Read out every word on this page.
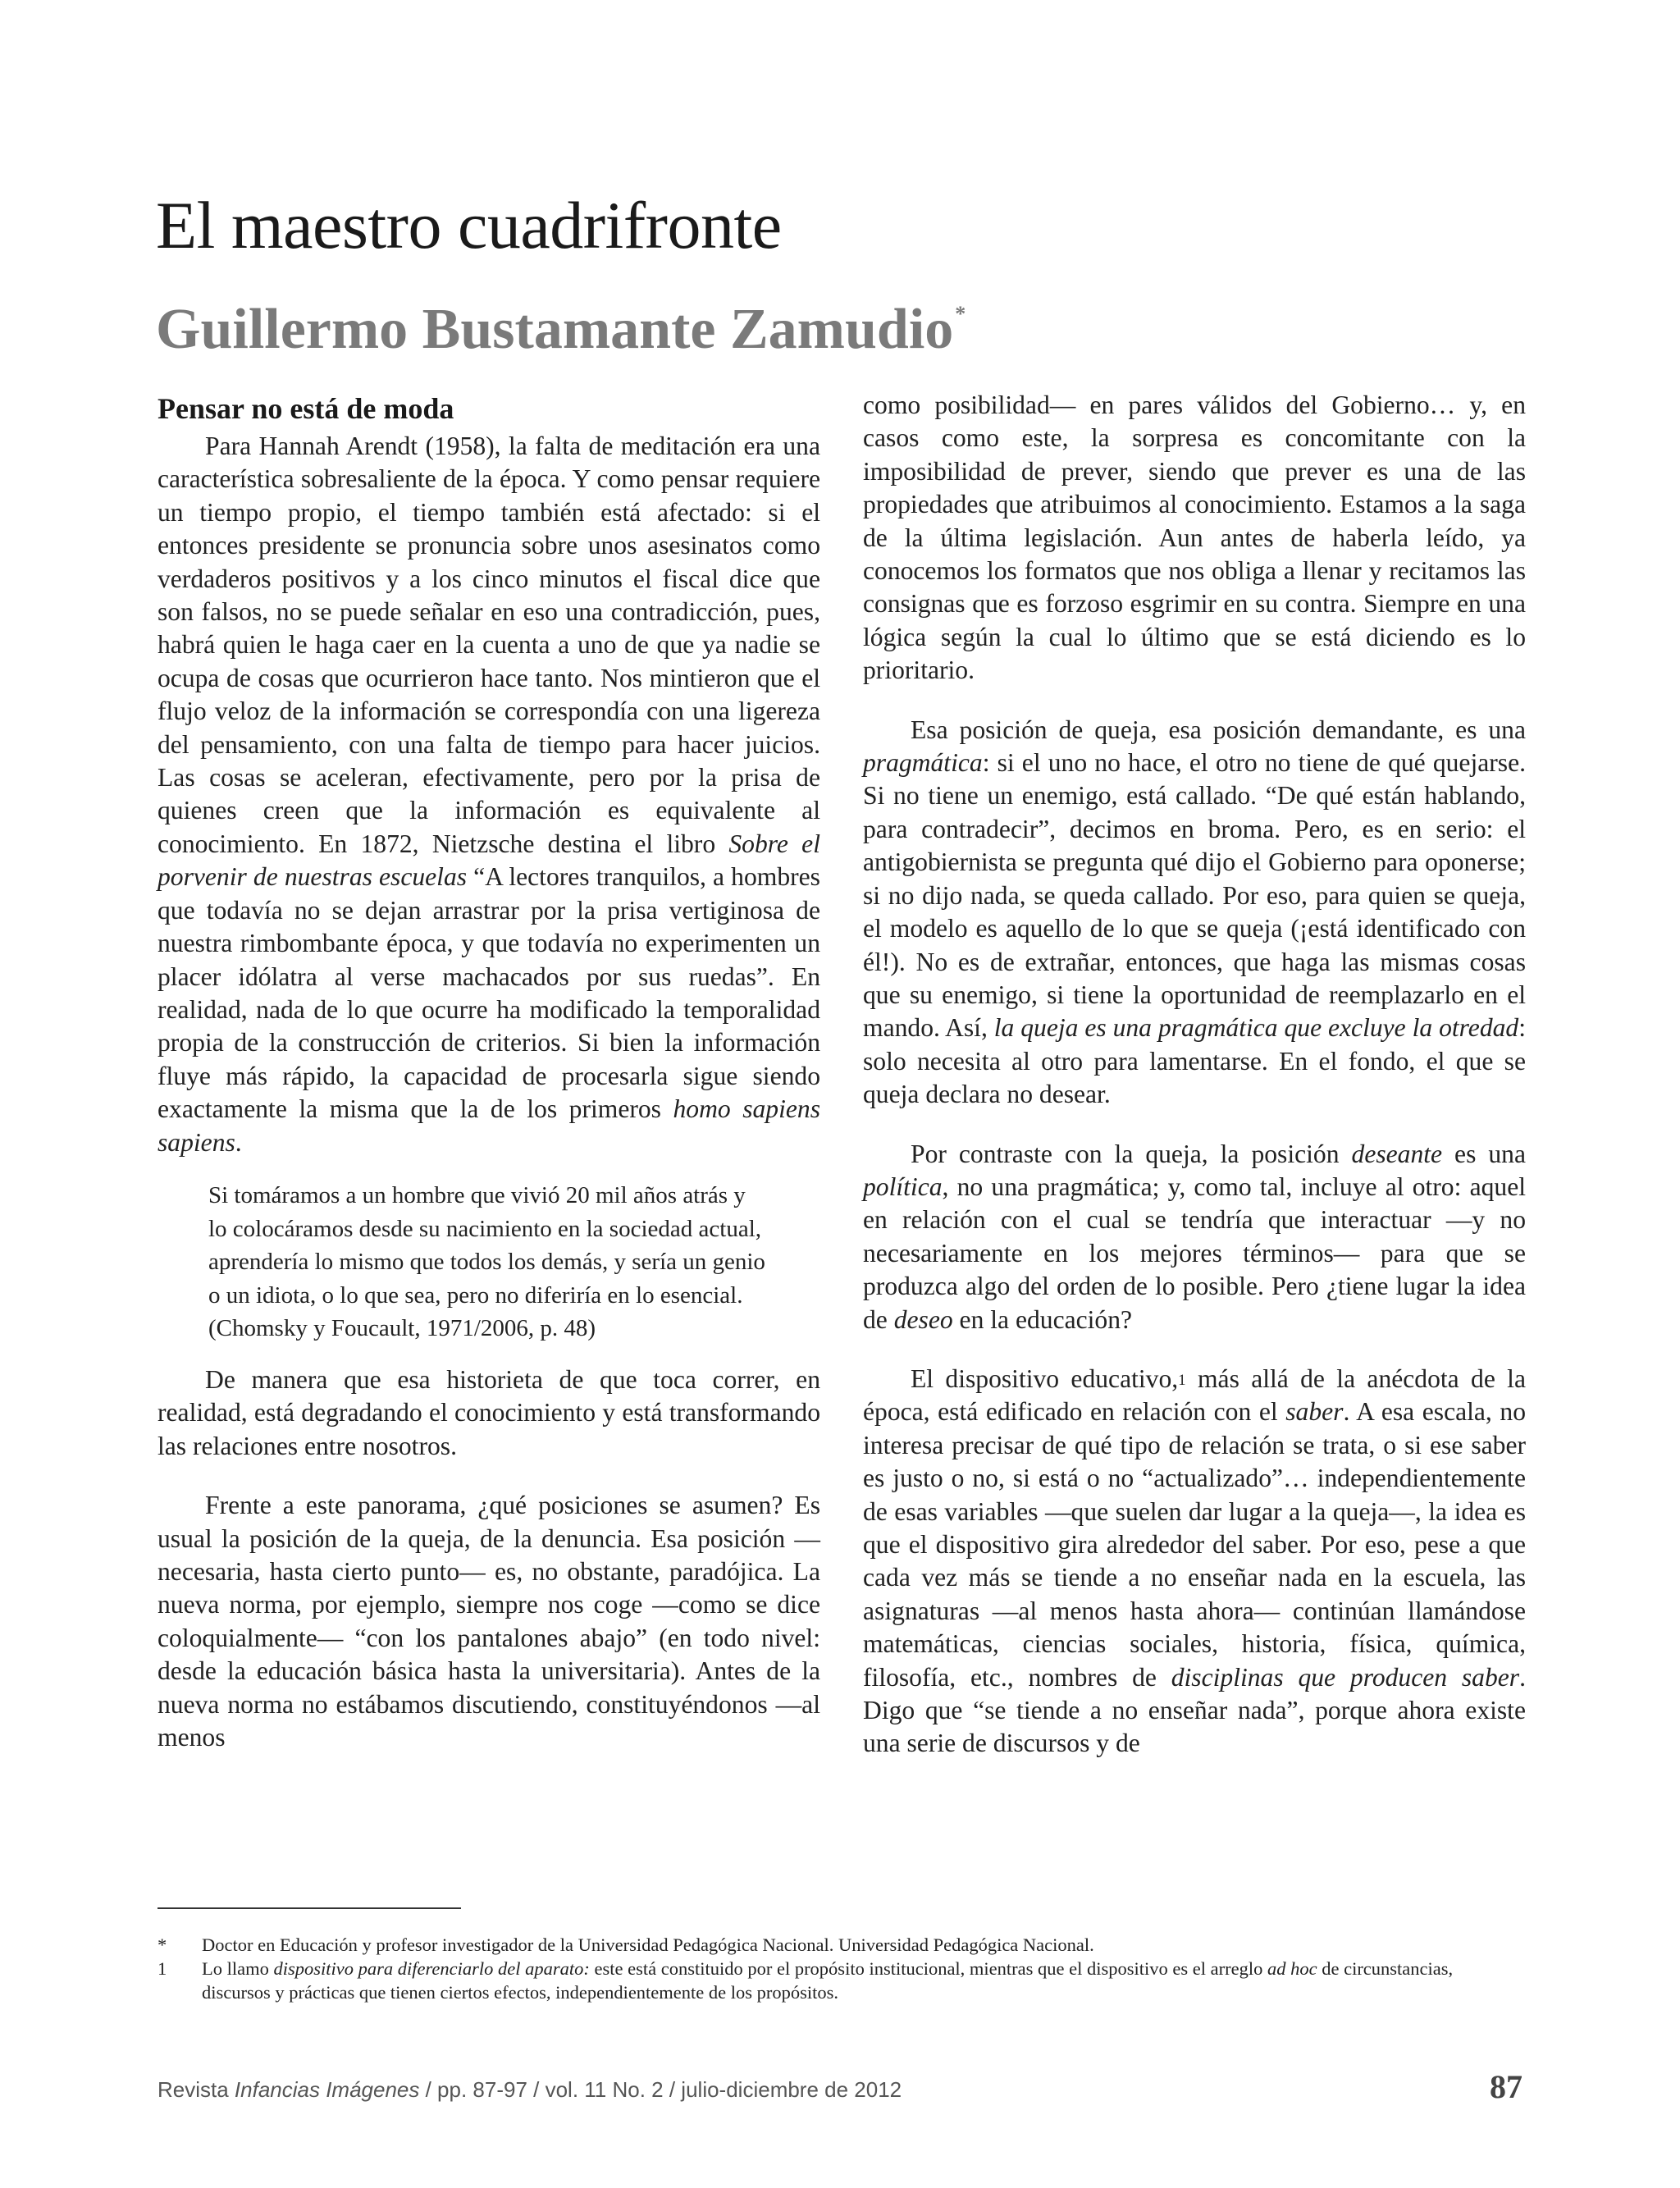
El maestro cuadrifronte
Guillermo Bustamante Zamudio*
Pensar no está de moda

Para Hannah Arendt (1958), la falta de meditación era una característica sobresaliente de la época. Y como pensar requiere un tiempo propio, el tiempo también está afectado: si el entonces presidente se pronuncia sobre unos asesinatos como verdaderos positivos y a los cinco minutos el fiscal dice que son falsos, no se puede señalar en eso una contradicción, pues, habrá quien le haga caer en la cuenta a uno de que ya nadie se ocupa de cosas que ocurrieron hace tanto. Nos mintieron que el flujo veloz de la información se correspondía con una ligereza del pensamiento, con una falta de tiempo para hacer juicios. Las cosas se aceleran, efectivamente, pero por la prisa de quienes creen que la información es equivalente al conocimiento. En 1872, Nietzsche destina el libro Sobre el porvenir de nuestras escuelas “A lectores tranquilos, a hombres que todavía no se dejan arrastrar por la prisa vertiginosa de nuestra rimbombante época, y que todavía no experimenten un placer idólatra al verse machacados por sus ruedas”. En realidad, nada de lo que ocurre ha modificado la temporalidad propia de la construcción de criterios. Si bien la información fluye más rápido, la capacidad de procesarla sigue siendo exactamente la misma que la de los primeros homo sapiens sapiens.

Si tomáramos a un hombre que vivió 20 mil años atrás y lo colocáramos desde su nacimiento en la sociedad actual, aprendería lo mismo que todos los demás, y sería un genio o un idiota, o lo que sea, pero no diferiría en lo esencial. (Chomsky y Foucault, 1971/2006, p. 48)

De manera que esa historieta de que toca correr, en realidad, está degradando el conocimiento y está transformando las relaciones entre nosotros.

Frente a este panorama, ¿qué posiciones se asumen? Es usual la posición de la queja, de la denuncia. Esa posición —necesaria, hasta cierto punto— es, no obstante, paradójica. La nueva norma, por ejemplo, siempre nos coge —como se dice coloquialmente— “con los pantalones abajo” (en todo nivel: desde la educación básica hasta la universitaria). Antes de la nueva norma no estábamos discutiendo, constituyéndonos —al menos

como posibilidad— en pares válidos del Gobierno… y, en casos como este, la sorpresa es concomitante con la imposibilidad de prever, siendo que prever es una de las propiedades que atribuimos al conocimiento. Estamos a la saga de la última legislación. Aun antes de haberla leído, ya conocemos los formatos que nos obliga a llenar y recitamos las consignas que es forzoso esgrimir en su contra. Siempre en una lógica según la cual lo último que se está diciendo es lo prioritario.

Esa posición de queja, esa posición demandante, es una pragmática: si el uno no hace, el otro no tiene de qué quejarse. Si no tiene un enemigo, está callado. “De qué están hablando, para contradecir”, decimos en broma. Pero, es en serio: el antigobiernista se pregunta qué dijo el Gobierno para oponerse; si no dijo nada, se queda callado. Por eso, para quien se queja, el modelo es aquello de lo que se queja (¡está identificado con él!). No es de extrañar, entonces, que haga las mismas cosas que su enemigo, si tiene la oportunidad de reemplazarlo en el mando. Así, la queja es una pragmática que excluye la otredad: solo necesita al otro para lamentarse. En el fondo, el que se queja declara no desear.

Por contraste con la queja, la posición deseante es una política, no una pragmática; y, como tal, incluye al otro: aquel en relación con el cual se tendría que interactuar —y no necesariamente en los mejores términos— para que se produzca algo del orden de lo posible. Pero ¿tiene lugar la idea de deseo en la educación?

El dispositivo educativo,$^1$ más allá de la anécdota de la época, está edificado en relación con el saber. A esa escala, no interesa precisar de qué tipo de relación se trata, o si ese saber es justo o no, si está o no “actualizado”… independientemente de esas variables —que suelen dar lugar a la queja—, la idea es que el dispositivo gira alrededor del saber. Por eso, pese a que cada vez más se tiende a no enseñar nada en la escuela, las asignaturas —al menos hasta ahora— continúan llamándose matemáticas, ciencias sociales, historia, física, química, filosofía, etc., nombres de disciplinas que producen saber. Digo que “se tiende a no enseñar nada”, porque ahora existe una serie de discursos y de

*	Doctor en Educación y profesor investigador de la Universidad Pedagógica Nacional. Universidad Pedagógica Nacional.
1	Lo llamo dispositivo para diferenciarlo del aparato: este está constituido por el propósito institucional, mientras que el dispositivo es el arreglo ad hoc de circunstancias, discursos y prácticas que tienen ciertos efectos, independientemente de los propósitos.
Revista Infancias Imágenes / pp. 87-97 / vol. 11 No. 2 / julio-diciembre de 2012	87
